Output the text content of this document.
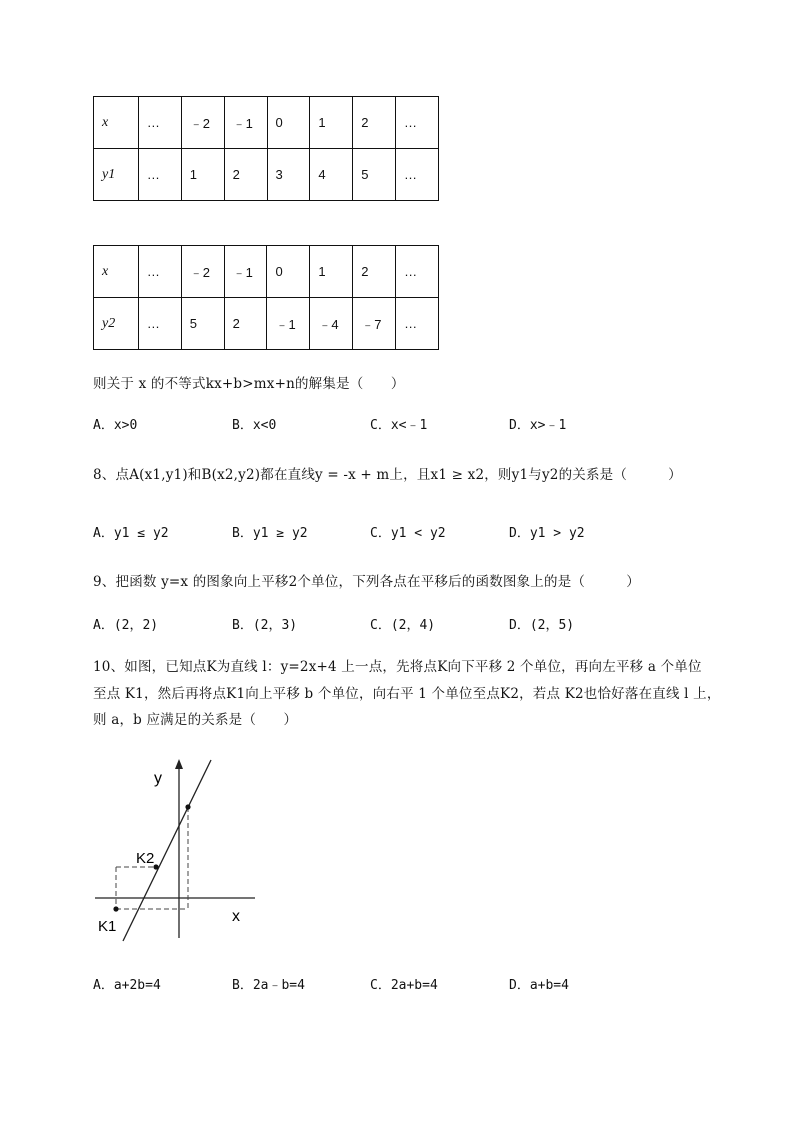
x	…	﹣2	﹣1	0	1	2	…
y1	…	1	2	3	4	5	…
x	…	﹣2	﹣1	0	1	2	…
y2	…	5	2	﹣1	﹣4	﹣7	…
则关于 x 的不等式kx+b>mx+n的解集是（　　）
A．x>0	B．x<0	C．x<﹣1	D．x>﹣1
8、点A(x1,y1)和B(x2,y2)都在直线y = -x + m上，且x1 ≥ x2，则y1与y2的关系是（　　　）
A．y1 ≤ y2	B．y1 ≥ y2	C．y1 < y2	D．y1 > y2
9、把函数 y=x 的图象向上平移2个单位，下列各点在平移后的函数图象上的是（　　　）
A．(2，2)	B．(2，3)	C．(2，4)	D．(2，5)
10、如图，已知点K为直线 l：y=2x+4 上一点，先将点K向下平移 2 个单位，再向左平移 a 个单位
至点 K1，然后再将点K1向上平移 b 个单位，向右平 1 个单位至点K2，若点 K2也恰好落在直线 l 上，
则 a，b 应满足的关系是（　　）
y
x
K2
K1
A．a+2b=4	B．2a﹣b=4	C．2a+b=4	D．a+b=4
